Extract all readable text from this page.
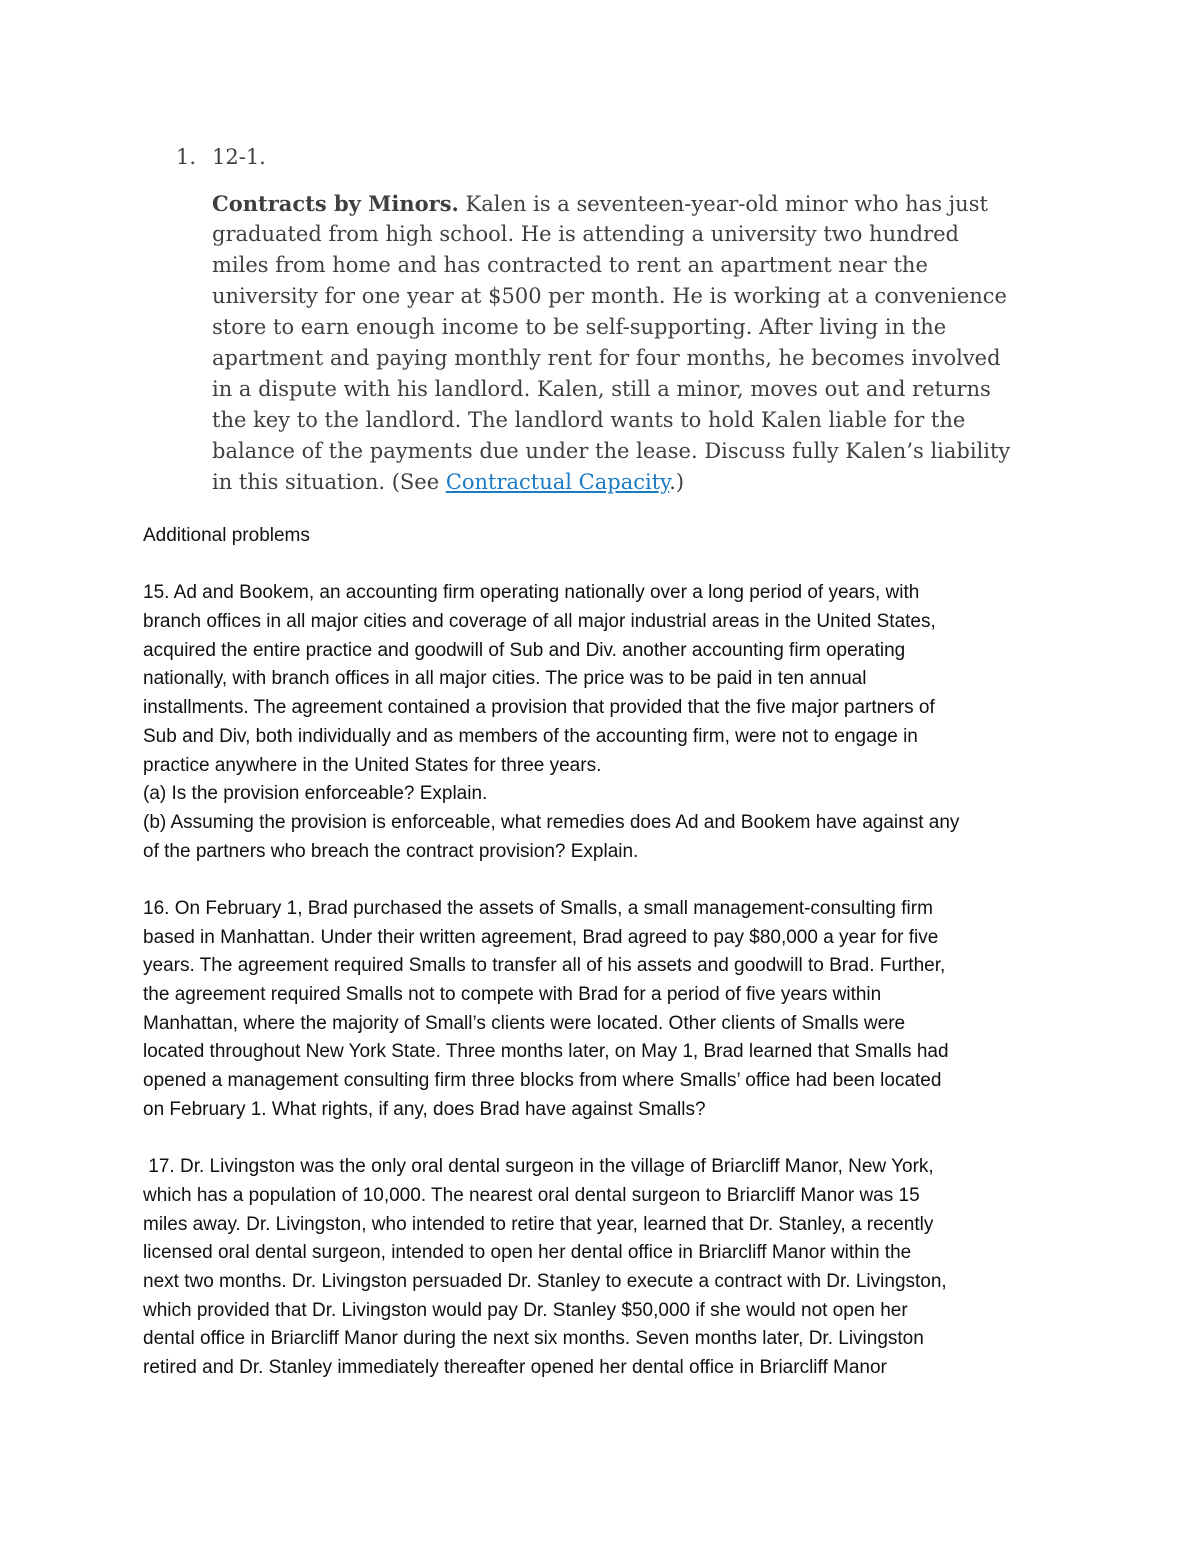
1. 12-1.
Contracts by Minors. Kalen is a seventeen-year-old minor who has just
graduated from high school. He is attending a university two hundred
miles from home and has contracted to rent an apartment near the
university for one year at $500 per month. He is working at a convenience
store to earn enough income to be self-supporting. After living in the
apartment and paying monthly rent for four months, he becomes involved
in a dispute with his landlord. Kalen, still a minor, moves out and returns
the key to the landlord. The landlord wants to hold Kalen liable for the
balance of the payments due under the lease. Discuss fully Kalen’s liability
in this situation. (See Contractual Capacity.)
Additional problems
15. Ad and Bookem, an accounting firm operating nationally over a long period of years, with
branch offices in all major cities and coverage of all major industrial areas in the United States,
acquired the entire practice and goodwill of Sub and Div. another accounting firm operating
nationally, with branch offices in all major cities. The price was to be paid in ten annual
installments. The agreement contained a provision that provided that the five major partners of
Sub and Div, both individually and as members of the accounting firm, were not to engage in
practice anywhere in the United States for three years.
(a) Is the provision enforceable? Explain.
(b) Assuming the provision is enforceable, what remedies does Ad and Bookem have against any
of the partners who breach the contract provision? Explain.
16. On February 1, Brad purchased the assets of Smalls, a small management-consulting firm
based in Manhattan. Under their written agreement, Brad agreed to pay $80,000 a year for five
years. The agreement required Smalls to transfer all of his assets and goodwill to Brad. Further,
the agreement required Smalls not to compete with Brad for a period of five years within
Manhattan, where the majority of Small’s clients were located. Other clients of Smalls were
located throughout New York State. Three months later, on May 1, Brad learned that Smalls had
opened a management consulting firm three blocks from where Smalls’ office had been located
on February 1. What rights, if any, does Brad have against Smalls?
17. Dr. Livingston was the only oral dental surgeon in the village of Briarcliff Manor, New York,
which has a population of 10,000. The nearest oral dental surgeon to Briarcliff Manor was 15
miles away. Dr. Livingston, who intended to retire that year, learned that Dr. Stanley, a recently
licensed oral dental surgeon, intended to open her dental office in Briarcliff Manor within the
next two months. Dr. Livingston persuaded Dr. Stanley to execute a contract with Dr. Livingston,
which provided that Dr. Livingston would pay Dr. Stanley $50,000 if she would not open her
dental office in Briarcliff Manor during the next six months. Seven months later, Dr. Livingston
retired and Dr. Stanley immediately thereafter opened her dental office in Briarcliff Manor
